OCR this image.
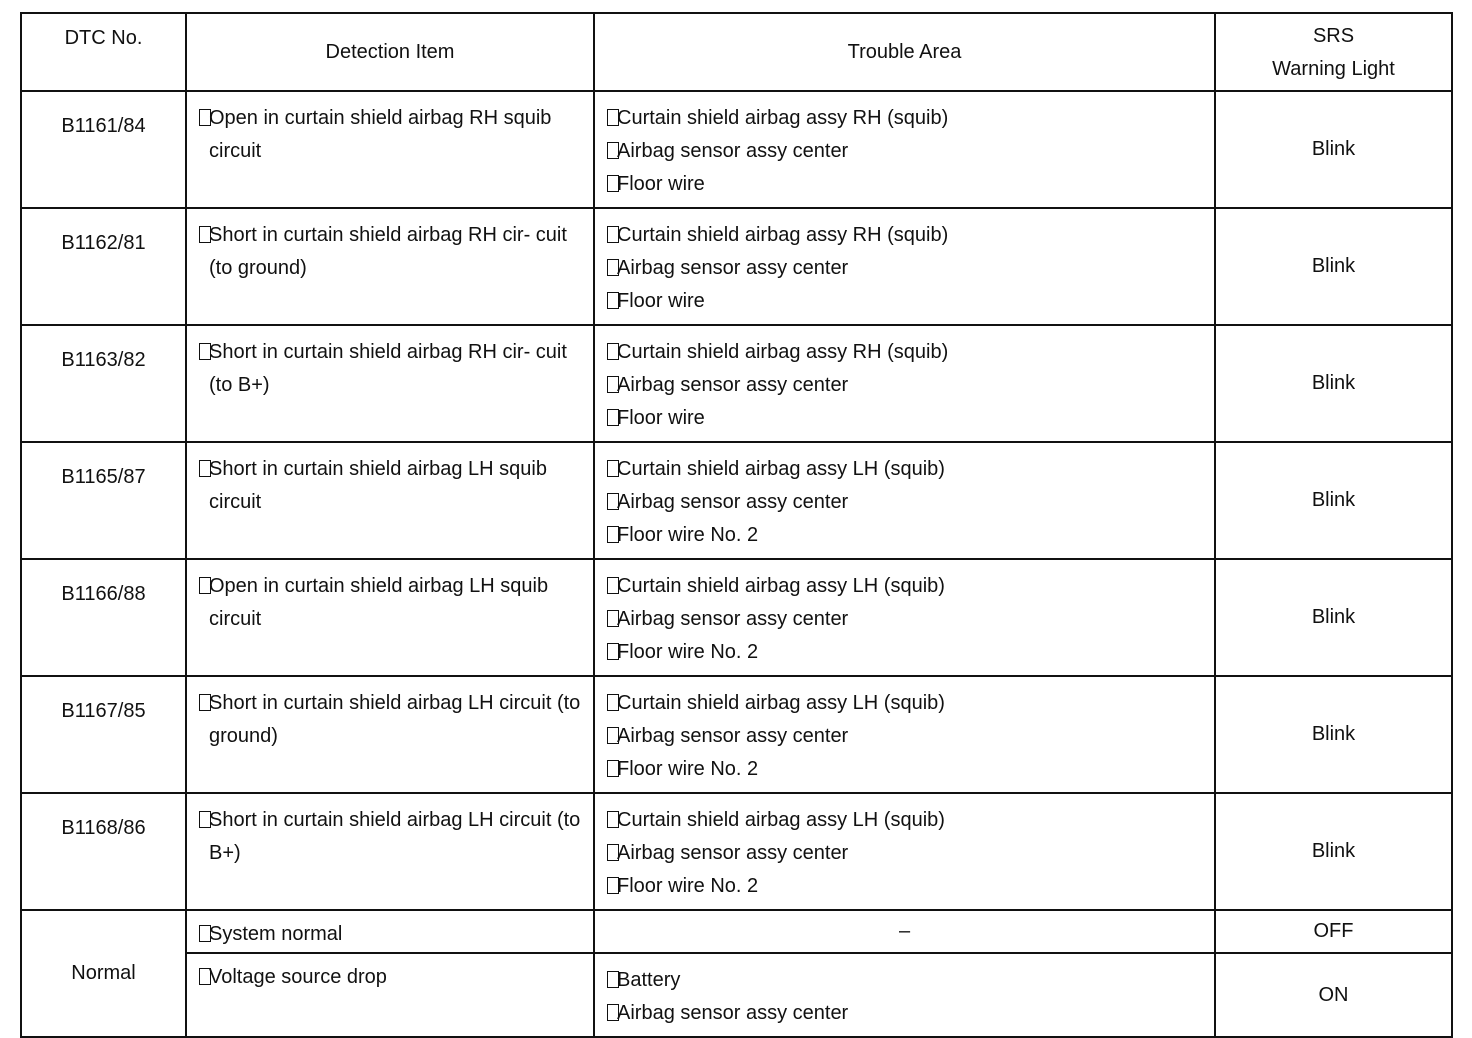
DTC No.	Detection Item	Trouble Area	SRS
Warning Light
B1161/84	Open in curtain shield airbag RH squib circuit	Curtain shield airbag assy RH (squib)
Airbag sensor assy center
Floor wire	Blink
B1162/81	Short in curtain shield airbag RH cir- cuit (to ground)	Curtain shield airbag assy RH (squib)
Airbag sensor assy center
Floor wire	Blink
B1163/82	Short in curtain shield airbag RH cir- cuit (to B+)	Curtain shield airbag assy RH (squib)
Airbag sensor assy center
Floor wire	Blink
B1165/87	Short in curtain shield airbag LH squib circuit	Curtain shield airbag assy LH (squib)
Airbag sensor assy center
Floor wire No. 2	Blink
B1166/88	Open in curtain shield airbag LH squib circuit	Curtain shield airbag assy LH (squib)
Airbag sensor assy center
Floor wire No. 2	Blink
B1167/85	Short in curtain shield airbag LH circuit (to ground)	Curtain shield airbag assy LH (squib)
Airbag sensor assy center
Floor wire No. 2	Blink
B1168/86	Short in curtain shield airbag LH circuit (to B+)	Curtain shield airbag assy LH (squib)
Airbag sensor assy center
Floor wire No. 2	Blink
Normal	System normal	–	OFF
	Voltage source drop	Battery
Airbag sensor assy center	ON
